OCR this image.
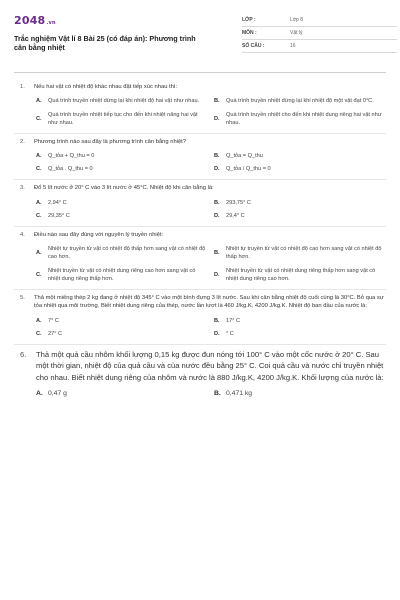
2048.vn
Trắc nghiệm Vật lí 8 Bài 25 (có đáp án): Phương trình cân bằng nhiệt
LỚP :	Lớp 8
MÔN :	Vật lý
SỐ CÂU :	16
1.	Nếu hai vật có nhiệt độ khác nhau đặt tiếp xúc nhau thì:
A.	Quá trình truyền nhiệt dừng lại khi nhiệt độ hai vật như nhau.	B.	Quá trình truyền nhiệt dừng lại khi nhiệt độ một vật đạt 0°C.
C.
Quá trình truyền nhiệt tiếp tục cho đến khi nhiệt năng hai vật như nhau.
D.
Quá trình truyền nhiệt cho đến khi nhiệt dung riêng hai vật như nhau.
2.	Phương trình nào sau đây là phương trình cân bằng nhiệt?
A.	Q_tỏa + Q_thu = 0	B.	Q_tỏa = Q_thu
C.	Q_tỏa . Q_thu = 0	D.	Q_tỏa / Q_thu = 0
3.	Đổ 5 lít nước ở 20° C vào 3 lít nước ở 45°C. Nhiệt độ khi cân bằng là:
A.	2,94° C	B.	293,75° C
C.	29,35° C	D.	29,4° C
4.	Điều nào sau đây đúng với nguyên lý truyền nhiệt:
A.
Nhiệt tự truyền từ vật có nhiệt độ thấp hơn sang vật có nhiệt độ cao hơn.
B.
Nhiệt tự truyền từ vật có nhiệt độ cao hơn sang vật có nhiệt độ thấp hơn.
C.
Nhiệt truyền từ vật có nhiệt dung riêng cao hơn sang vật có nhiệt dung riêng thấp hơn.
D.
Nhiệt truyền từ vật có nhiệt dung riêng thấp hơn sang vật có nhiệt dung riêng cao hơn.
5.	Thả một miếng thép 2 kg đang ở nhiệt độ 345° C vào một bình đựng 3 lít nước. Sau khi cân bằng nhiệt độ cuối cùng là 30°C. Bỏ qua sự tỏa nhiệt qua môi trường. Biết nhiệt dung riêng của thép, nước lần lượt là 460 J/kg.K, 4200 J/kg.K. Nhiệt độ ban đầu của nước là:
A.	7° C	B.	17° C
C.	27° C	D.	° C
6.	Thả một quả cầu nhôm khối lượng 0,15 kg được đun nóng tới 100° C vào một cốc nước ở 20° C. Sau một thời gian, nhiệt độ của quả cầu và của nước đều bằng 25° C. Coi quả cầu và nước chỉ truyền nhiệt cho nhau. Biết nhiệt dung riêng của nhôm và nước là 880 J/kg.K, 4200 J/kg.K. Khối lượng của nước là:
A. 0,47 g	B. 0,471 kg
